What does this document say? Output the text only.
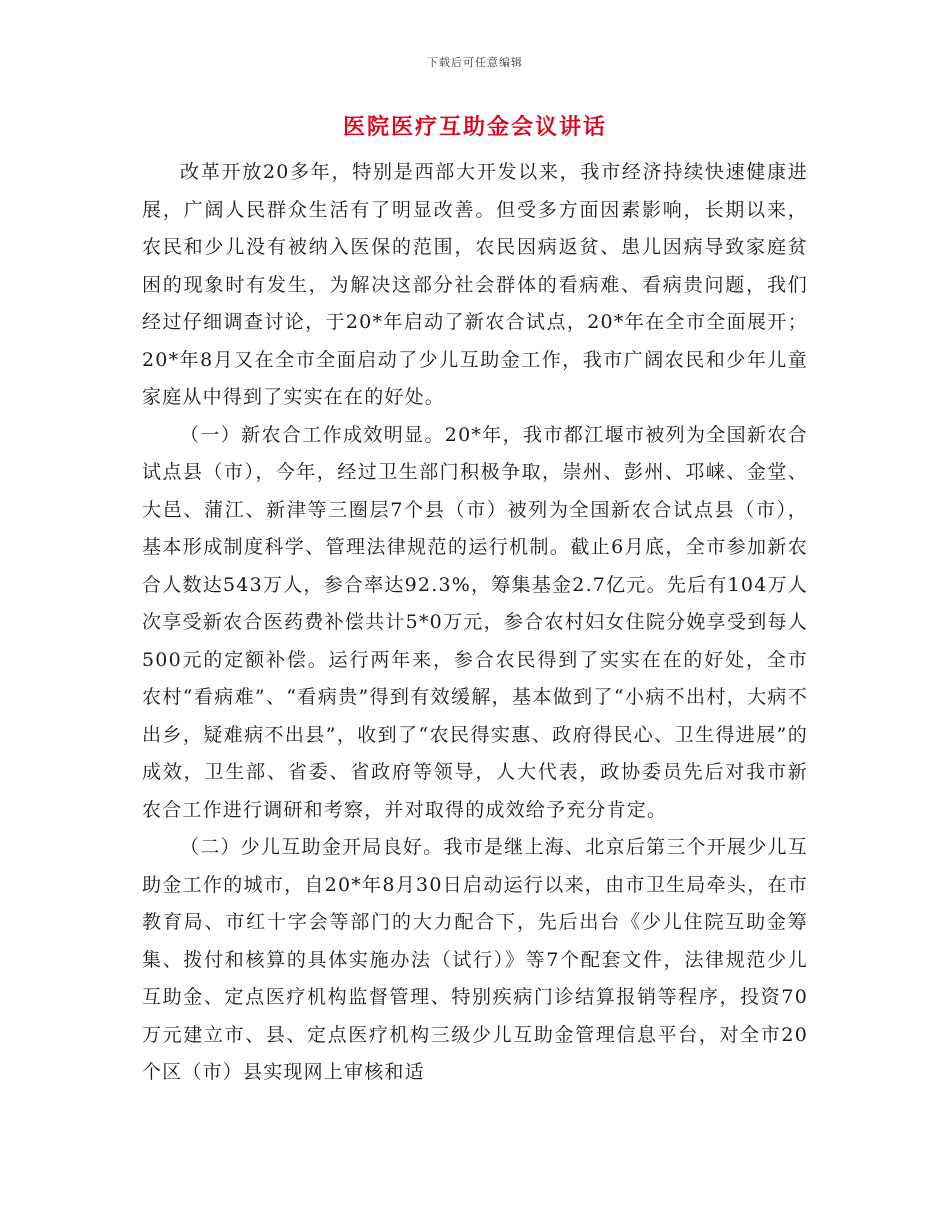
下载后可任意编辑
医院医疗互助金会议讲话

改革开放20多年，特别是西部大开发以来，我市经济持续快速健康进展，广阔人民群众生活有了明显改善。但受多方面因素影响，长期以来，农民和少儿没有被纳入医保的范围，农民因病返贫、患儿因病导致家庭贫困的现象时有发生，为解决这部分社会群体的看病难、看病贵问题，我们经过仔细调查讨论，于20*年启动了新农合试点，20*年在全市全面展开；20*年8月又在全市全面启动了少儿互助金工作，我市广阔农民和少年儿童家庭从中得到了实实在在的好处。

（一）新农合工作成效明显。20*年，我市都江堰市被列为全国新农合试点县（市），今年，经过卫生部门积极争取，崇州、彭州、邛崃、金堂、大邑、蒲江、新津等三圈层7个县（市）被列为全国新农合试点县（市），基本形成制度科学、管理法律规范的运行机制。截止6月底，全市参加新农合人数达543万人，参合率达92.3%，筹集基金2.7亿元。先后有104万人次享受新农合医药费补偿共计5*0万元，参合农村妇女住院分娩享受到每人500元的定额补偿。运行两年来，参合农民得到了实实在在的好处，全市农村“看病难”、“看病贵”得到有效缓解，基本做到了“小病不出村，大病不出乡，疑难病不出县”，收到了“农民得实惠、政府得民心、卫生得进展”的成效，卫生部、省委、省政府等领导，人大代表，政协委员先后对我市新农合工作进行调研和考察，并对取得的成效给予充分肯定。

（二）少儿互助金开局良好。我市是继上海、北京后第三个开展少儿互助金工作的城市，自20*年8月30日启动运行以来，由市卫生局牵头，在市教育局、市红十字会等部门的大力配合下，先后出台《少儿住院互助金筹集、拨付和核算的具体实施办法（试行）》等7个配套文件，法律规范少儿互助金、定点医疗机构监督管理、特别疾病门诊结算报销等程序，投资70万元建立市、县、定点医疗机构三级少儿互助金管理信息平台，对全市20个区（市）县实现网上审核和适
